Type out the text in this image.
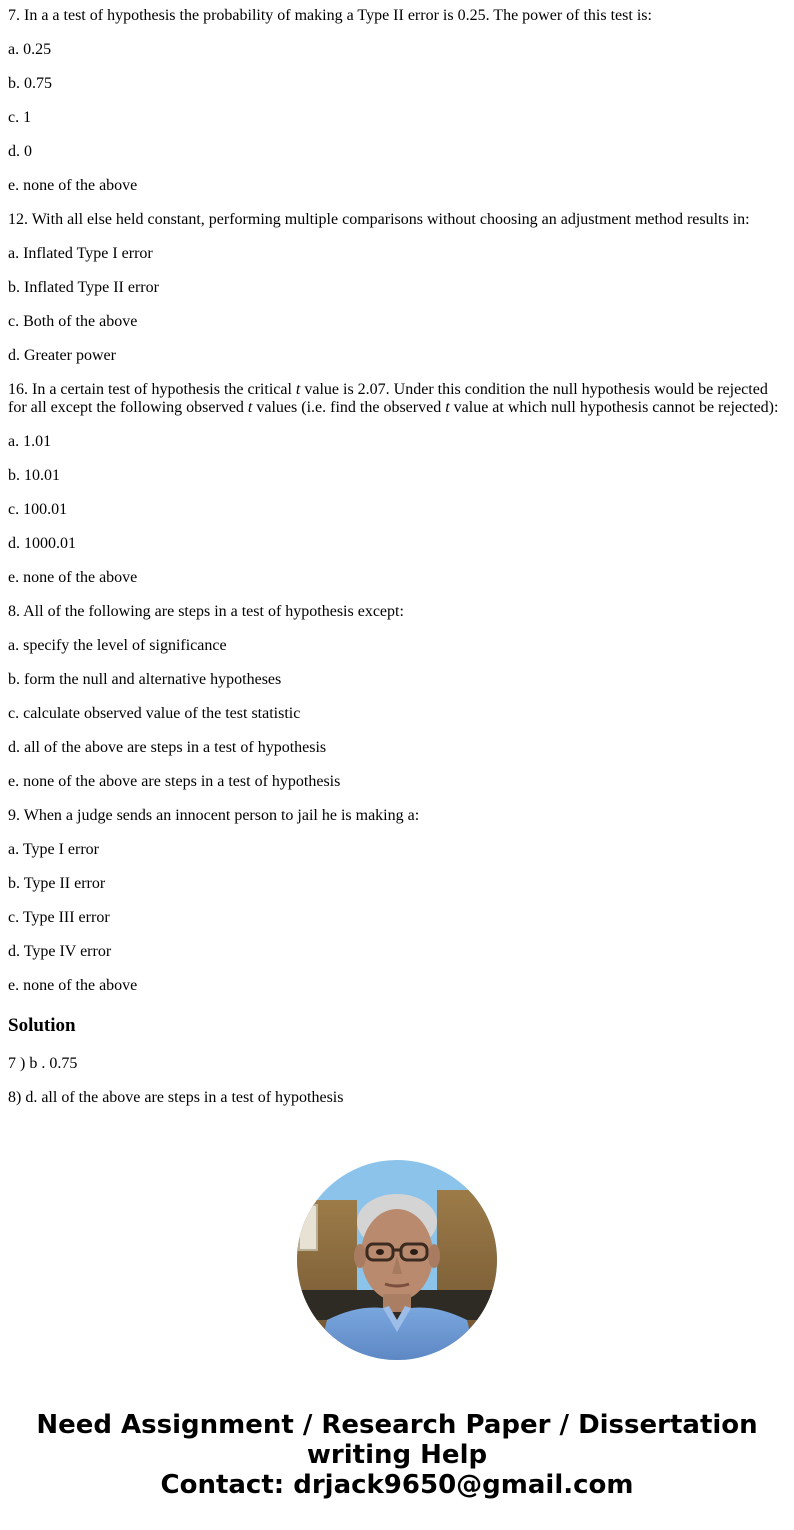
7. In a a test of hypothesis the probability of making a Type II error is 0.25. The power of this test is:

a. 0.25

b. 0.75

c. 1

d. 0

e. none of the above

12. With all else held constant, performing multiple comparisons without choosing an adjustment method results in:

a. Inflated Type I error

b. Inflated Type II error

c. Both of the above

d. Greater power

16. In a certain test of hypothesis the critical t value is 2.07. Under this condition the null hypothesis would be rejected for all except the following observed t values (i.e. find the observed t value at which null hypothesis cannot be rejected):

a. 1.01

b. 10.01

c. 100.01

d. 1000.01

e. none of the above

8. All of the following are steps in a test of hypothesis except:

a. specify the level of significance

b. form the null and alternative hypotheses

c. calculate observed value of the test statistic

d. all of the above are steps in a test of hypothesis

e. none of the above are steps in a test of hypothesis

9. When a judge sends an innocent person to jail he is making a:

a. Type I error

b. Type II error

c. Type III error

d. Type IV error

e. none of the above

Solution

7 ) b . 0.75

8) d. all of the above are steps in a test of hypothesis

Need Assignment / Research Paper / Dissertation
writing Help
Contact: drjack9650@gmail.com
